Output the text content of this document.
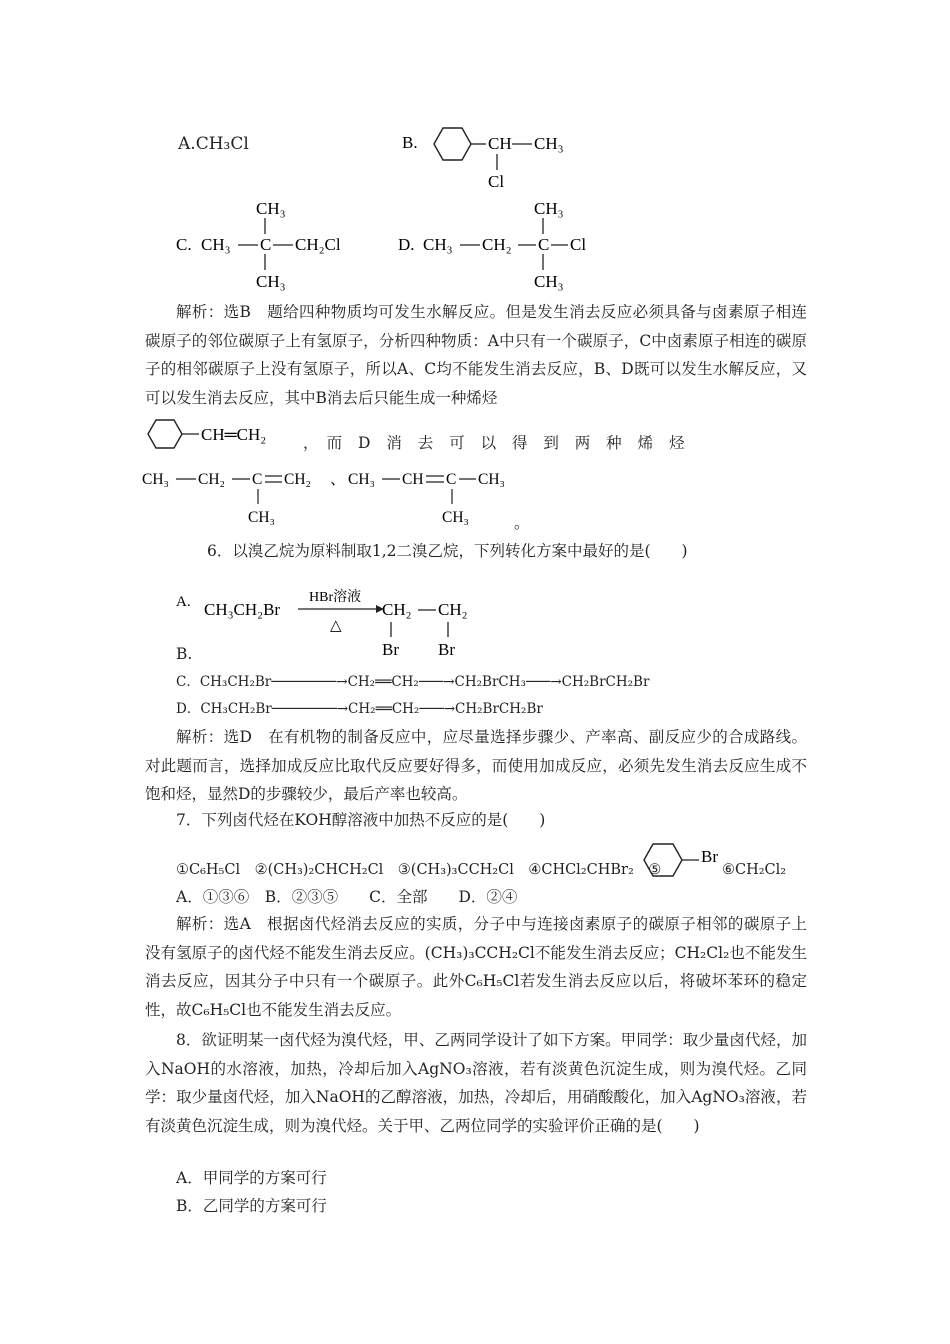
A.CH₃Cl	B.	CH CH₃
Cl
C. CH₃ C CH₂Cl
CH₃
CH₃
D. CH₃ CH₂ C Cl
CH₃
CH₃
解析：选B　题给四种物质均可发生水解反应。但是发生消去反应必须具备与卤素原子相连碳原子的邻位碳原子上有氢原子，分析四种物质：A中只有一个碳原子，C中卤素原子相连的碳原子的相邻碳原子上没有氢原子，所以A、C均不能发生消去反应，B、D既可以发生水解反应，又可以发生消去反应，其中B消去后只能生成一种烯烃
CH═CH₂ ，　而　D　消　去　可　以　得　到　两　种　烯　烃
CH₃ CH₂ C CH₂
CH₃
、 CH₃ CH C CH₃
CH₃	。
6．以溴乙烷为原料制取1,2二溴乙烷，下列转化方案中最好的是(　　)
A. CH₃CH₂Br
HBr溶液
△
CH₂ CH₂
Br Br
B.
C．CH₃CH₂Br────────→CH₂══CH₂───→CH₂BrCH₃───→CH₂BrCH₂Br
D．CH₃CH₂Br────────→CH₂══CH₂───→CH₂BrCH₂Br
解析：选D　在有机物的制备反应中，应尽量选择步骤少、产率高、副反应少的合成路线。对此题而言，选择加成反应比取代反应要好得多，而使用加成反应，必须先发生消去反应生成不饱和烃，显然D的步骤较少，最后产率也较高。
7．下列卤代烃在KOH醇溶液中加热不反应的是(　　)
①C₆H₅Cl　②(CH₃)₂CHCH₂Cl　③(CH₃)₃CCH₂Cl　④CHCl₂CHBr₂　⑤
Br
⑥CH₂Cl₂
A．①③⑥　B．②③⑤　　C．全部　　D．②④
解析：选A　根据卤代烃消去反应的实质，分子中与连接卤素原子的碳原子相邻的碳原子上没有氢原子的卤代烃不能发生消去反应。(CH₃)₃CCH₂Cl不能发生消去反应；CH₂Cl₂也不能发生消去反应，因其分子中只有一个碳原子。此外C₆H₅Cl若发生消去反应以后，将破坏苯环的稳定性，故C₆H₅Cl也不能发生消去反应。
8．欲证明某一卤代烃为溴代烃，甲、乙两同学设计了如下方案。甲同学：取少量卤代烃，加入NaOH的水溶液，加热，冷却后加入AgNO₃溶液，若有淡黄色沉淀生成，则为溴代烃。乙同学：取少量卤代烃，加入NaOH的乙醇溶液，加热，冷却后，用硝酸酸化，加入AgNO₃溶液，若有淡黄色沉淀生成，则为溴代烃。关于甲、乙两位同学的实验评价正确的是(　　)
A．甲同学的方案可行
B．乙同学的方案可行
